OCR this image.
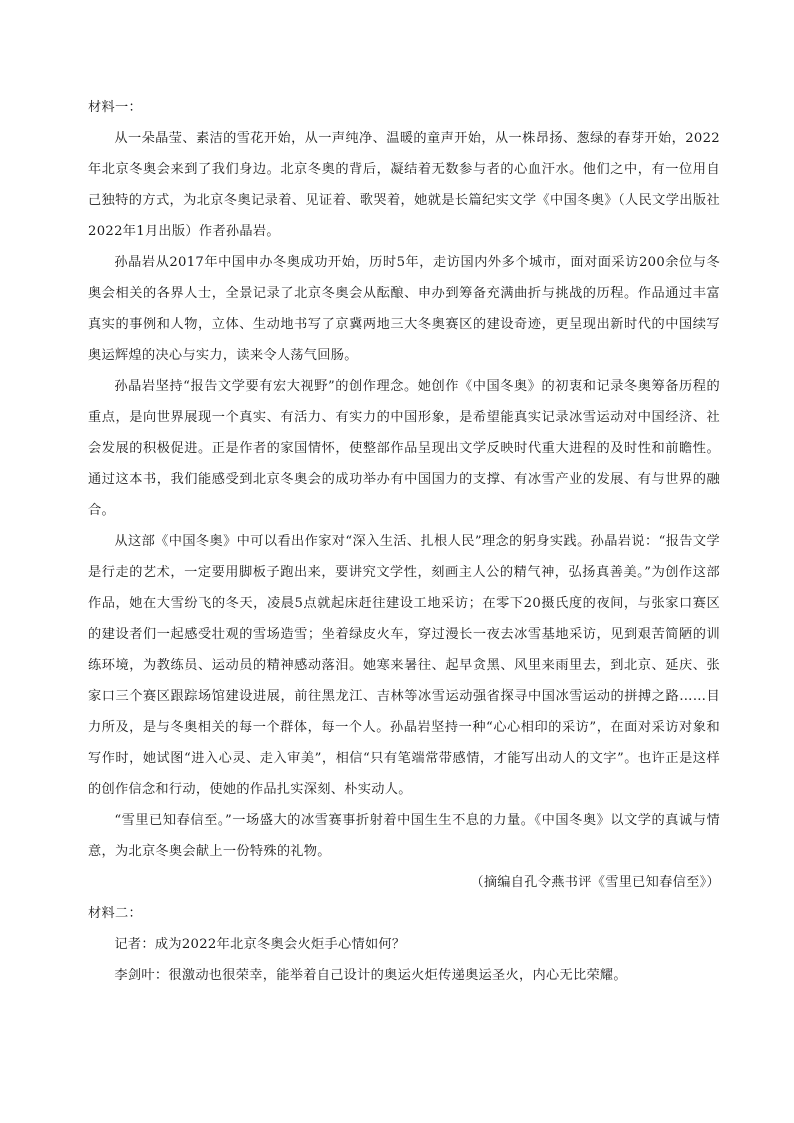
材料一：

从一朵晶莹、素洁的雪花开始，从一声纯净、温暖的童声开始，从一株昂扬、葱绿的春芽开始，2022年北京冬奥会来到了我们身边。北京冬奥的背后，凝结着无数参与者的心血汗水。他们之中，有一位用自己独特的方式，为北京冬奥记录着、见证着、歌哭着，她就是长篇纪实文学《中国冬奥》（人民文学出版社2022年1月出版）作者孙晶岩。

孙晶岩从2017年中国申办冬奥成功开始，历时5年，走访国内外多个城市，面对面采访200余位与冬奥会相关的各界人士，全景记录了北京冬奥会从酝酿、申办到筹备充满曲折与挑战的历程。作品通过丰富真实的事例和人物，立体、生动地书写了京冀两地三大冬奥赛区的建设奇迹，更呈现出新时代的中国续写奥运辉煌的决心与实力，读来令人荡气回肠。

孙晶岩坚持“报告文学要有宏大视野”的创作理念。她创作《中国冬奥》的初衷和记录冬奥筹备历程的重点，是向世界展现一个真实、有活力、有实力的中国形象，是希望能真实记录冰雪运动对中国经济、社会发展的积极促进。正是作者的家国情怀，使整部作品呈现出文学反映时代重大进程的及时性和前瞻性。通过这本书，我们能感受到北京冬奥会的成功举办有中国国力的支撑、有冰雪产业的发展、有与世界的融合。

从这部《中国冬奥》中可以看出作家对“深入生活、扎根人民”理念的躬身实践。孙晶岩说：“报告文学是行走的艺术，一定要用脚板子跑出来，要讲究文学性，刻画主人公的精气神，弘扬真善美。”为创作这部作品，她在大雪纷飞的冬天，凌晨5点就起床赶往建设工地采访；在零下20摄氏度的夜间，与张家口赛区的建设者们一起感受壮观的雪场造雪；坐着绿皮火车，穿过漫长一夜去冰雪基地采访，见到艰苦简陋的训练环境，为教练员、运动员的精神感动落泪。她寒来暑往、起早贪黑、风里来雨里去，到北京、延庆、张家口三个赛区跟踪场馆建设进展，前往黑龙江、吉林等冰雪运动强省探寻中国冰雪运动的拼搏之路……目力所及，是与冬奥相关的每一个群体，每一个人。孙晶岩坚持一种“心心相印的采访”，在面对采访对象和写作时，她试图“进入心灵、走入审美”，相信“只有笔端常带感情，才能写出动人的文字”。也许正是这样的创作信念和行动，使她的作品扎实深刻、朴实动人。

“雪里已知春信至。”一场盛大的冰雪赛事折射着中国生生不息的力量。《中国冬奥》以文学的真诚与情意，为北京冬奥会献上一份特殊的礼物。

（摘编自孔令燕书评《雪里已知春信至》）

材料二：

记者：成为2022年北京冬奥会火炬手心情如何？

李剑叶：很激动也很荣幸，能举着自己设计的奥运火炬传递奥运圣火，内心无比荣耀。
